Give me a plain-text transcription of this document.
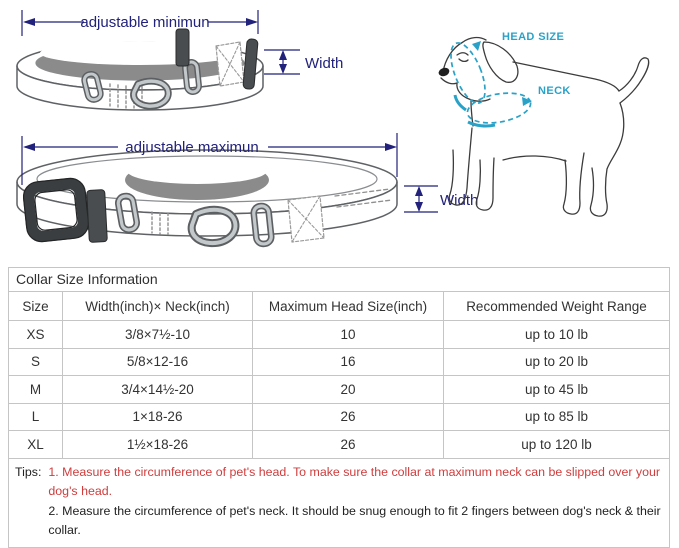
adjustable minimun
Width
adjustable maximun
Width
HEAD SIZE
NECK
Collar Size Information
Size	Width(inch)× Neck(inch)	Maximum Head Size(inch)	Recommended Weight Range
XS	3/8×7½-10	10	up to 10 lb
S	5/8×12-16	16	up to 20 lb
M	3/4×14½-20	20	up to 45 lb
L	1×18-26	26	up to 85 lb
XL	1½×18-26	26	up to 120 lb
Tips: 1. Measure the circumference of pet's head. To make sure the collar at maximum neck can be slipped over your dog's head.
2. Measure the circumference of pet's neck. It should be snug enough to fit 2 fingers between dog's neck & their collar.
